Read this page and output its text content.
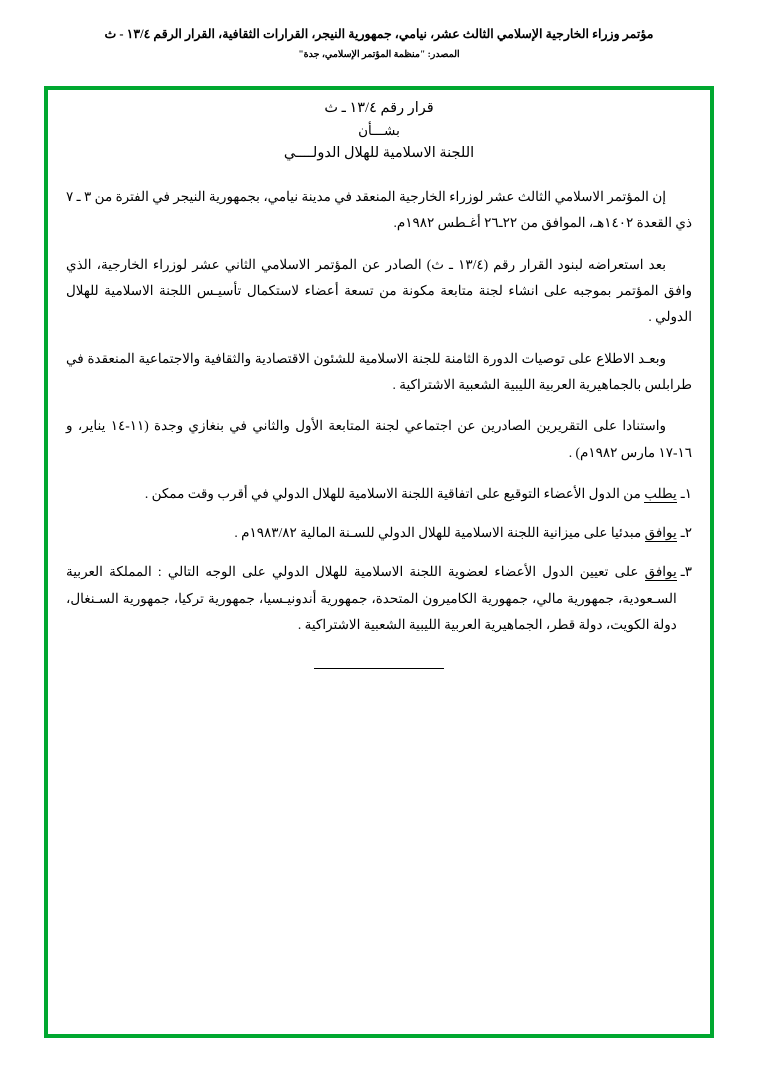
مؤتمر وزراء الخارجية الإسلامي الثالث عشر، نيامي، جمهورية النيجر، القرارات الثقافية، القرار الرقم ١٣/٤ - ث
المصدر: "منظمة المؤتمر الإسلامي، جدة"
قرار رقم ١٣/٤ ـ ث
بشـــأن
اللجنة الاسلامية للهلال الدولــــي

إن المؤتمر الاسلامي الثالث عشر لوزراء الخارجية المنعقد في مدينة نيامي، بجمهورية النيجر في الفترة من ٣ ـ ٧ ذي القعدة ١٤٠٢هـ، الموافق من ٢٢ـ٢٦ أغـطس ١٩٨٢م.

بعد استعراضه لبنود القرار رقم (١٣/٤ ـ ث) الصادر عن المؤتمر الاسلامي الثاني عشر لوزراء الخارجية، الذي وافق المؤتمر بموجبه على انشاء لجنة متابعة مكونة من تسعة أعضاء لاستكمال تأسيـس اللجنة الاسلامية للهلال الدولي .

وبعـد الاطلاع على توصيات الدورة الثامنة للجنة الاسلامية للشئون الاقتصادية والثقافية والاجتماعية المنعقدة في طرابلس بالجماهيرية العربية الليبية الشعبية الاشتراكية .

واستنادا على التقريرين الصادرين عن اجتماعي لجنة المتابعة الأول والثاني في بنغازي وجدة (١١-١٤ يناير، و ١٦-١٧ مارس ١٩٨٢م) .

١ـ
يطلب من الدول الأعضاء التوقيع على اتفاقية اللجنة الاسلامية للهلال الدولي في أقرب وقت ممكن .
٢ـ
يوافق مبدئيا على ميزانية اللجنة الاسلامية للهلال الدولي للسـنة المالية ١٩٨٣/٨٢م .
٣ـ
يوافق على تعيين الدول الأعضاء لعضوية اللجنة الاسلامية للهلال الدولي على الوجه التالي : المملكة العربية السـعودية، جمهورية مالي، جمهورية الكاميرون المتحدة، جمهورية أندونيـسيا، جمهورية تركيا، جمهورية السـنغال، دولة الكويت، دولة قطر، الجماهيرية العربية الليبية الشعبية الاشتراكية .
